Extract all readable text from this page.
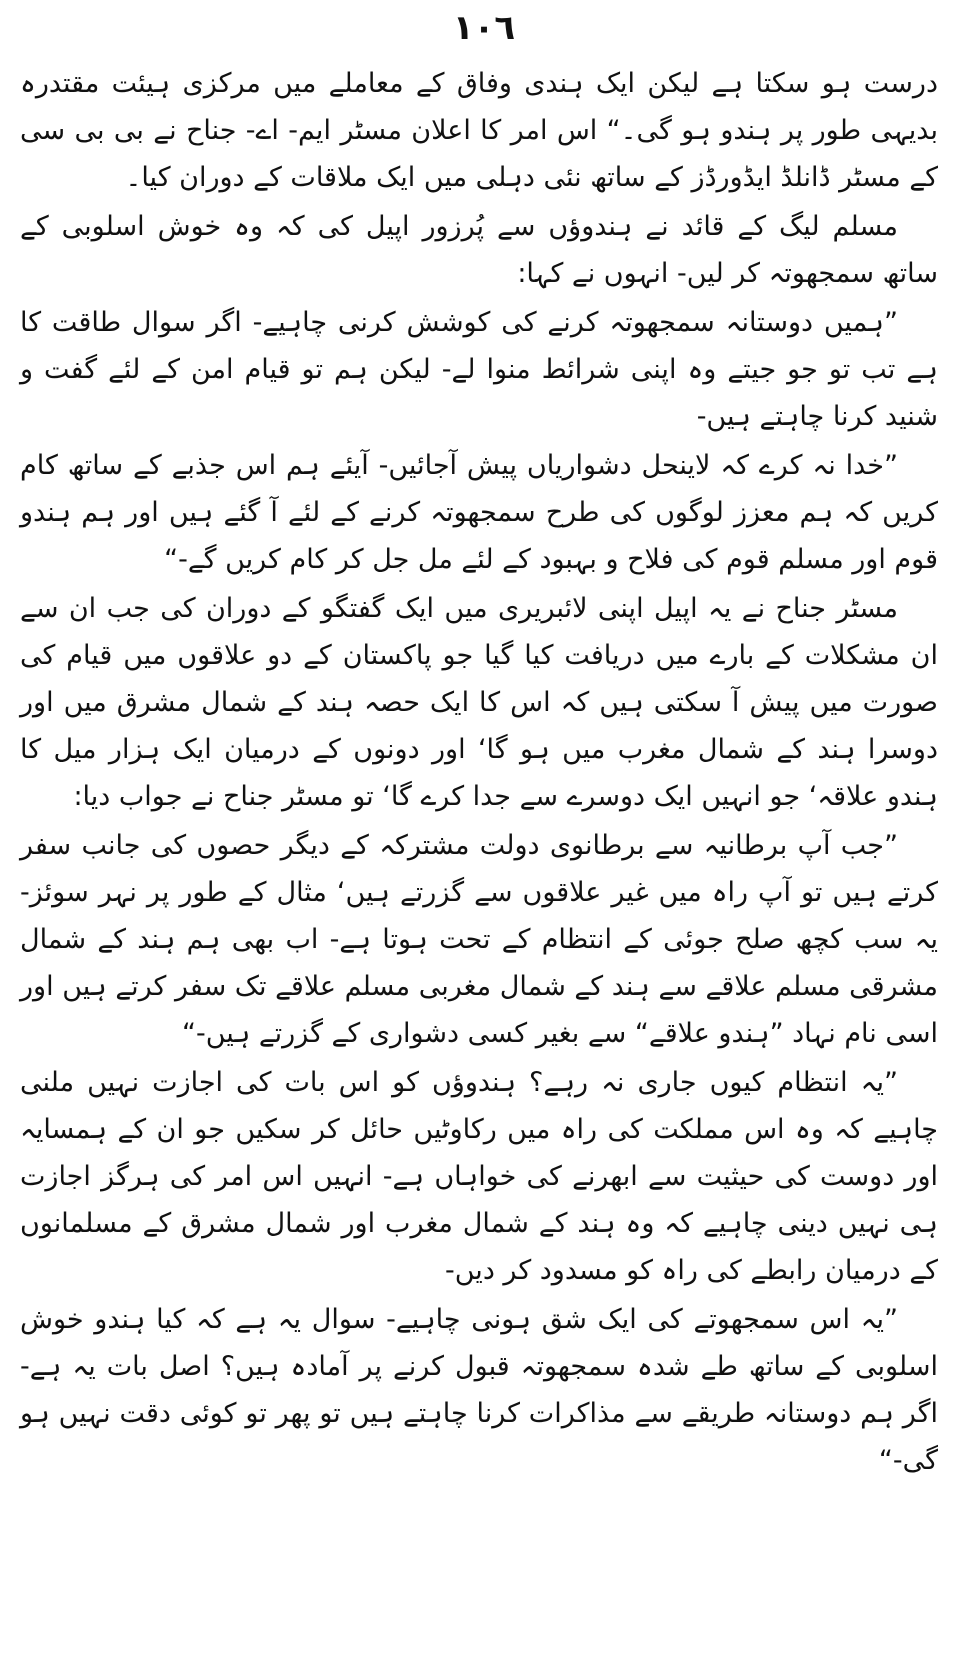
١٠٦

درست ہو سکتا ہے لیکن ایک ہندی وفاق کے معاملے میں مرکزی ہیئت مقتدرہ بدیہی طور پر ہندو ہو گی۔“ اس امر کا اعلان مسٹر ایم- اے- جناح نے بی بی سی کے مسٹر ڈانلڈ ایڈورڈز کے ساتھ نئی دہلی میں ایک ملاقات کے دوران کیا۔

مسلم لیگ کے قائد نے ہندوؤں سے پُرزور اپیل کی کہ وہ خوش اسلوبی کے ساتھ سمجھوتہ کر لیں- انہوں نے کہا:

”ہمیں دوستانہ سمجھوتہ کرنے کی کوشش کرنی چاہیے- اگر سوال طاقت کا ہے تب تو جو جیتے وہ اپنی شرائط منوا لے- لیکن ہم تو قیام امن کے لئے گفت و شنید کرنا چاہتے ہیں-

”خدا نہ کرے کہ لاینحل دشواریاں پیش آجائیں- آیئے ہم اس جذبے کے ساتھ کام کریں کہ ہم معزز لوگوں کی طرح سمجھوتہ کرنے کے لئے آ گئے ہیں اور ہم ہندو قوم اور مسلم قوم کی فلاح و بہبود کے لئے مل جل کر کام کریں گے-“

مسٹر جناح نے یہ اپیل اپنی لائبریری میں ایک گفتگو کے دوران کی جب ان سے ان مشکلات کے بارے میں دریافت کیا گیا جو پاکستان کے دو علاقوں میں قیام کی صورت میں پیش آ سکتی ہیں کہ اس کا ایک حصہ ہند کے شمال مشرق میں اور دوسرا ہند کے شمال مغرب میں ہو گا‘ اور دونوں کے درمیان ایک ہزار میل کا ہندو علاقہ‘ جو انہیں ایک دوسرے سے جدا کرے گا‘ تو مسٹر جناح نے جواب دیا:

”جب آپ برطانیہ سے برطانوی دولت مشترکہ کے دیگر حصوں کی جانب سفر کرتے ہیں تو آپ راہ میں غیر علاقوں سے گزرتے ہیں‘ مثال کے طور پر نہر سوئز- یہ سب کچھ صلح جوئی کے انتظام کے تحت ہوتا ہے- اب بھی ہم ہند کے شمال مشرقی مسلم علاقے سے ہند کے شمال مغربی مسلم علاقے تک سفر کرتے ہیں اور اسی نام نہاد ”ہندو علاقے“ سے بغیر کسی دشواری کے گزرتے ہیں-“

”یہ انتظام کیوں جاری نہ رہے؟ ہندوؤں کو اس بات کی اجازت نہیں ملنی چاہیے کہ وہ اس مملکت کی راہ میں رکاوٹیں حائل کر سکیں جو ان کے ہمسایہ اور دوست کی حیثیت سے ابھرنے کی خواہاں ہے- انہیں اس امر کی ہرگز اجازت ہی نہیں دینی چاہیے کہ وہ ہند کے شمال مغرب اور شمال مشرق کے مسلمانوں کے درمیان رابطے کی راہ کو مسدود کر دیں-

”یہ اس سمجھوتے کی ایک شق ہونی چاہیے- سوال یہ ہے کہ کیا ہندو خوش اسلوبی کے ساتھ طے شدہ سمجھوتہ قبول کرنے پر آمادہ ہیں؟ اصل بات یہ ہے- اگر ہم دوستانہ طریقے سے مذاکرات کرنا چاہتے ہیں تو پھر تو کوئی دقت نہیں ہو گی-“
